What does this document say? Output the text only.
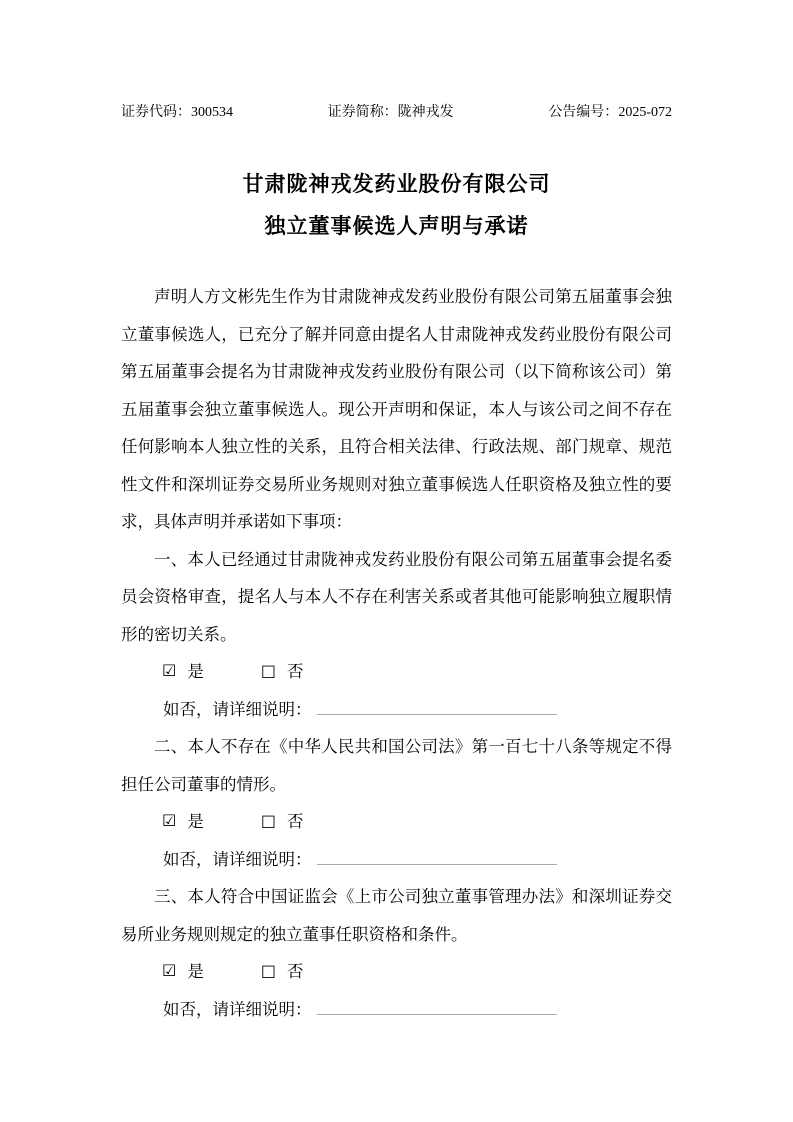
证券代码：300534	证券简称：陇神戎发	公告编号：2025-072
甘肃陇神戎发药业股份有限公司
独立董事候选人声明与承诺

声明人方文彬先生作为甘肃陇神戎发药业股份有限公司第五届董事会独立董事候选人，已充分了解并同意由提名人甘肃陇神戎发药业股份有限公司第五届董事会提名为甘肃陇神戎发药业股份有限公司（以下简称该公司）第五届董事会独立董事候选人。现公开声明和保证，本人与该公司之间不存在任何影响本人独立性的关系，且符合相关法律、行政法规、部门规章、规范性文件和深圳证券交易所业务规则对独立董事候选人任职资格及独立性的要求，具体声明并承诺如下事项：

一、本人已经通过甘肃陇神戎发药业股份有限公司第五届董事会提名委员会资格审查，提名人与本人不存在利害关系或者其他可能影响独立履职情形的密切关系。

☑ 是	□ 否
如否，请详细说明：

二、本人不存在《中华人民共和国公司法》第一百七十八条等规定不得担任公司董事的情形。

☑ 是	□ 否
如否，请详细说明：

三、本人符合中国证监会《上市公司独立董事管理办法》和深圳证券交易所业务规则规定的独立董事任职资格和条件。

☑ 是	□ 否
如否，请详细说明：
